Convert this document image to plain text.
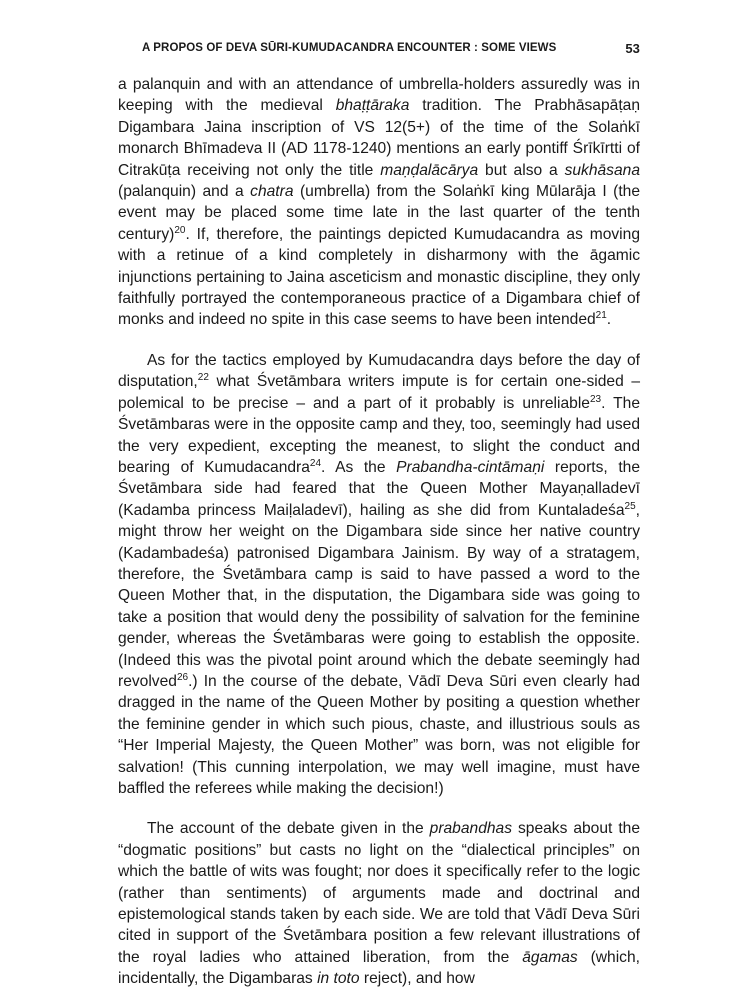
A PROPOS OF DEVA SŪRI-KUMUDACANDRA ENCOUNTER : SOME VIEWS	53

a palanquin and with an attendance of umbrella-holders assuredly was in keeping with the medieval bhaṭṭāraka tradition. The Prabhāsapāṭaṇ Digambara Jaina inscription of VS 12(5+) of the time of the Solaṅkī monarch Bhīmadeva II (AD 1178-1240) mentions an early pontiff Śrīkīrtti of Citrakūṭa receiving not only the title maṇḍalācārya but also a sukhāsana (palanquin) and a chatra (umbrella) from the Solaṅkī king Mūlarāja I (the event may be placed some time late in the last quarter of the tenth century)$^{20}$. If, therefore, the paintings depicted Kumudacandra as moving with a retinue of a kind completely in disharmony with the āgamic injunctions pertaining to Jaina asceticism and monastic discipline, they only faithfully portrayed the contemporaneous practice of a Digambara chief of monks and indeed no spite in this case seems to have been intended$^{21}$.

As for the tactics employed by Kumudacandra days before the day of disputation,$^{22}$ what Śvetāmbara writers impute is for certain one-sided – polemical to be precise – and a part of it probably is unreliable$^{23}$. The Śvetāmbaras were in the opposite camp and they, too, seemingly had used the very expedient, excepting the meanest, to slight the conduct and bearing of Kumudacandra$^{24}$. As the Prabandha-cintāmaṇi reports, the Śvetāmbara side had feared that the Queen Mother Mayaṇalladevī (Kadamba princess Maiḷaladevī), hailing as she did from Kuntaladeśa$^{25}$, might throw her weight on the Digambara side since her native country (Kadambadeśa) patronised Digambara Jainism. By way of a stratagem, therefore, the Śvetāmbara camp is said to have passed a word to the Queen Mother that, in the disputation, the Digambara side was going to take a position that would deny the possibility of salvation for the feminine gender, whereas the Śvetāmbaras were going to establish the opposite. (Indeed this was the pivotal point around which the debate seemingly had revolved$^{26}$.) In the course of the debate, Vādī Deva Sūri even clearly had dragged in the name of the Queen Mother by positing a question whether the feminine gender in which such pious, chaste, and illustrious souls as “Her Imperial Majesty, the Queen Mother” was born, was not eligible for salvation! (This cunning interpolation, we may well imagine, must have baffled the referees while making the decision!)

The account of the debate given in the prabandhas speaks about the “dogmatic positions” but casts no light on the “dialectical principles” on which the battle of wits was fought; nor does it specifically refer to the logic (rather than sentiments) of arguments made and doctrinal and epistemological stands taken by each side. We are told that Vādī Deva Sūri cited in support of the Śvetāmbara position a few relevant illustrations of the royal ladies who attained liberation, from the āgamas (which, incidentally, the Digambaras in toto reject), and how
